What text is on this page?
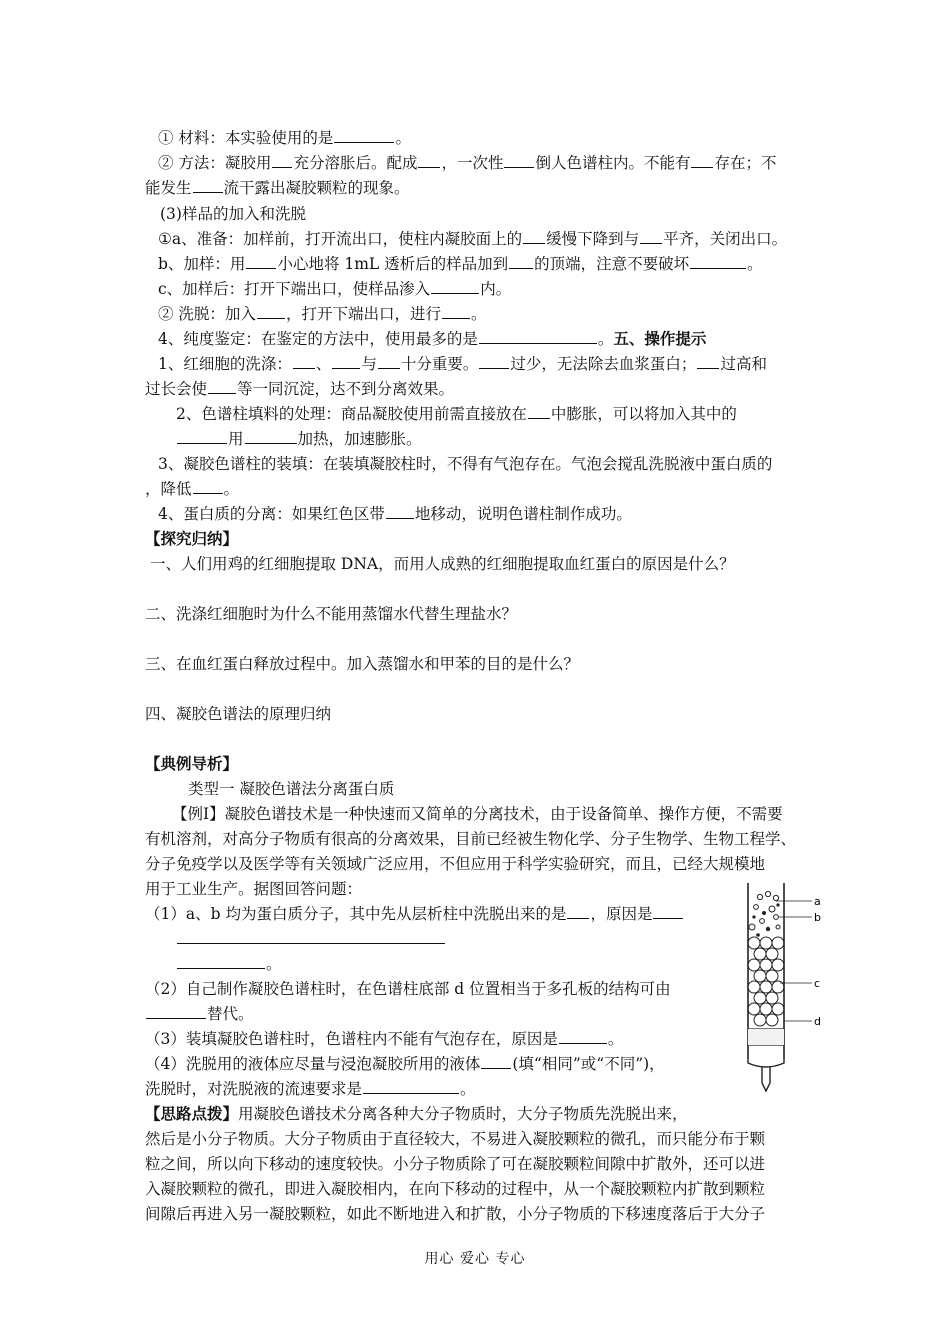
① 材料：本实验使用的是	。
② 方法：凝胶用 充分溶胀后。配成 ，一次性 倒人色谱柱内。不能有 存在；不
能发生 流干露出凝胶颗粒的现象。
(3)样品的加入和洗脱
①a、准备：加样前，打开流出口，使柱内凝胶面上的 缓慢下降到与 平齐，关闭出口。
b、加样：用 小心地将 1mL 透析后的样品加到 的顶端，注意不要破坏	。
c、加样后：打开下端出口，使样品渗入	内。
② 洗脱：加入 ，打开下端出口，进行 。
4、纯度鉴定：在鉴定的方法中，使用最多的是	。五、操作提示
1、红细胞的洗涤： 、 与 十分重要。 过少，无法除去血浆蛋白； 过高和
过长会使 等一同沉淀，达不到分离效果。
2、色谱柱填料的处理：商品凝胶使用前需直接放在 中膨胀，可以将加入其中的
用	加热，加速膨胀。
3、凝胶色谱柱的装填：在装填凝胶柱时，不得有气泡存在。气泡会搅乱洗脱液中蛋白质的
，降低 。
4、蛋白质的分离：如果红色区带 地移动，说明色谱柱制作成功。
【探究归纳】
一、人们用鸡的红细胞提取 DNA，而用人成熟的红细胞提取血红蛋白的原因是什么？
二、洗涤红细胞时为什么不能用蒸馏水代替生理盐水？
三、在血红蛋白释放过程中。加入蒸馏水和甲苯的目的是什么？
四、凝胶色谱法的原理归纳
【典例导析】
类型一 凝胶色谱法分离蛋白质
【例Ⅰ】凝胶色谱技术是一种快速而又简单的分离技术，由于设备简单、操作方便，不需要
有机溶剂，对高分子物质有很高的分离效果，目前已经被生物化学、分子生物学、生物工程学、
分子免疫学以及医学等有关领域广泛应用，不但应用于科学实验研究，而且，已经大规模地
用于工业生产。据图回答问题：
（1）a、b 均为蛋白质分子，其中先从层析柱中洗脱出来的是 ，原因是
。
（2）自己制作凝胶色谱柱时，在色谱柱底部 d 位置相当于多孔板的结构可由
替代。
（3）装填凝胶色谱柱时，色谱柱内不能有气泡存在，原因是	。
（4）洗脱用的液体应尽量与浸泡凝胶所用的液体 (填“相同”或“不同”)，
洗脱时，对洗脱液的流速要求是	。
【思路点拨】用凝胶色谱技术分离各种大分子物质时，大分子物质先洗脱出来，
然后是小分子物质。大分子物质由于直径较大，不易进入凝胶颗粒的微孔，而只能分布于颗
粒之间，所以向下移动的速度较快。小分子物质除了可在凝胶颗粒间隙中扩散外，还可以进
入凝胶颗粒的微孔，即进入凝胶相内，在向下移动的过程中，从一个凝胶颗粒内扩散到颗粒
间隙后再进入另一凝胶颗粒，如此不断地进入和扩散，小分子物质的下移速度落后于大分子
a
b
c
d
用心 爱心 专心
